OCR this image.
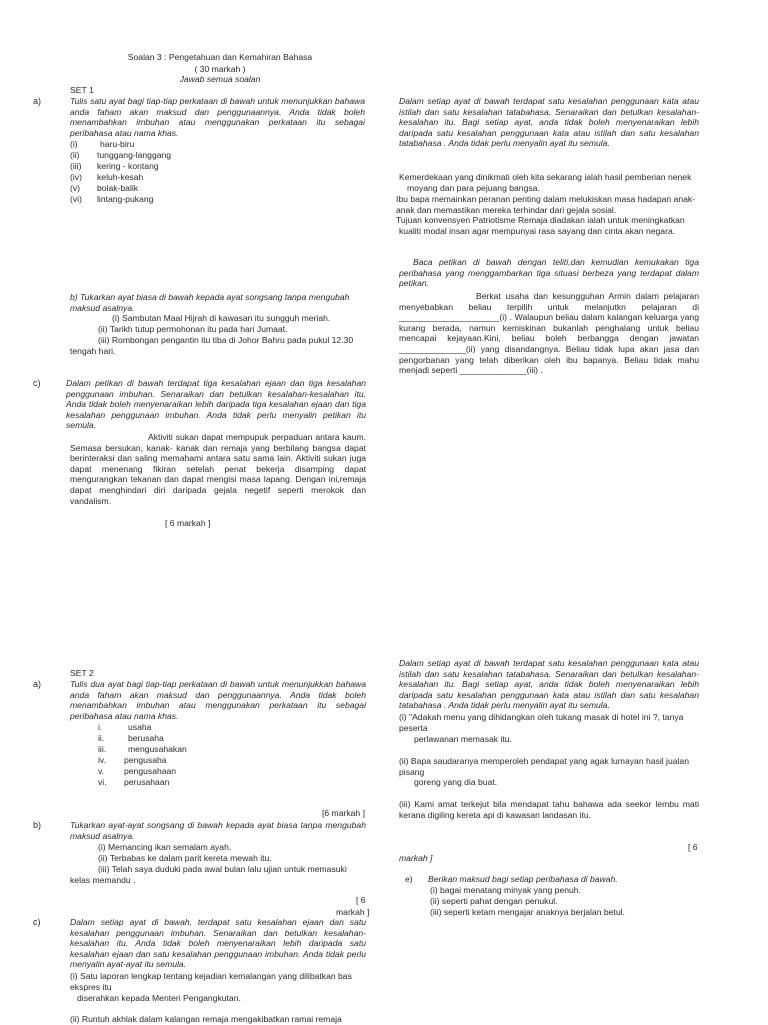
Soalan 3 : Pengetahuan dan Kemahiran Bahasa
( 30 markah )
Jawab semua soalan
SET 1
a)	Tulis satu ayat bagi tiap-tiap perkataan di bawah untuk menunjukkan bahawa anda faham akan maksud dan penggunaannya. Anda tidak boleh menambahkan imbuhan atau menggunakan perkataan itu sebagai peribahasa atau nama khas.
(i)	haru-biru
(ii) tunggang-langgang
(iii) kering - kontang
(iv) keluh-kesah
(v) bolak-balik
(vi) lintang-pukang
b) Tukarkan ayat biasa di bawah kepada ayat songsang tanpa mengubah maksud asalnya.
(i) Sambutan Maal Hijrah di kawasan itu sungguh meriah.
(ii) Tarikh tutup permohonan itu pada hari Jumaat.
(iii) Rombongan pengantin itu tiba di Johor Bahru pada pukul 12.30
tengah hari.
c)	Dalam petikan di bawah terdapat tiga kesalahan ejaan dan tiga kesalahan penggunaan imbuhan. Senaraikan dan betulkan kesalahan-kesalahan itu. Anda tidak boleh menyenaraikan lebih daripada tiga kesalahan ejaan dan tiga kesalahan penggunaan imbuhan. Anda tidak perlu menyalin petikan itu semula.
Aktiviti sukan dapat mempupuk perpaduan antara kaum. Semasa bersukan, kanak- kanak dan remaja yang berbilang bangsa dapat berinteraksi dan saling memahami antara satu sama lain. Aktiviti sukan juga dapat menenang fikiran setelah penat bekerja disamping dapat mengurangkan tekanan dan dapat mengisi masa lapang. Dengan ini,remaja dapat menghindari diri daripada gejala negetif seperti merokok dan vandalism.
[ 6 markah ]
Dalam setiap ayat di bawah terdapat satu kesalahan penggunaan kata atau istilah dan satu kesalahan tatabahasa. Senaraikan dan betulkan kesalahan-kesalahan itu. Bagi setiap ayat, anda tidak boleh menyenaraikan lebih daripada satu kesalahan penggunaan kata atau istilah dan satu kesalahan tatabahasa . Anda tidak perlu menyalin ayat itu semula.
Kemerdekaan yang dinikmati oleh kita sekarang ialah hasil pemberian nenek moyang dan para pejuang bangsa.
Ibu bapa memainkan peranan penting dalam melukiskan masa hadapan anak-anak dan memastikan mereka terhindar dari gejala sosial.
Tujuan konvensyen Patriotisme Remaja diadakan ialah untuk meningkatkan kualiti modal insan agar mempunyai rasa sayang dan cinta akan negara.
Baca petikan di bawah dengan teliti,dan kemudian kemukakan tiga peribahasa yang menggambarkan tiga situasi berbeza yang terdapat dalam petikan.
Berkat usaha dan kesungguhan Armin dalam pelajaran menyebabkan beliau terpilih untuk melanjutkn pelajaran di _____________________(i) . Walaupun beliau dalam kalangan keluarga yang kurang berada, namun kemiskinan bukanlah penghalang untuk beliau mencapai kejayaan.Kini, beliau boleh berbangga dengan jawatan ______________(ii) yang disandangnya. Beliau tidak lupa akan jasa dan pengorbanan yang telah diberikan oleh ibu bapanya. Beliau tidak mahu menjadi seperti ______________(iii) .
SET 2
a)	Tulis dua ayat bagi tiap-tiap perkataan di bawah untuk menunjukkan bahawa anda faham akan maksud dan penggunaannya. Anda tidak boleh menambahkan imbuhan atau menggunakan perkataan itu sebagai peribahasa atau nama khas.
i.	usaha
ii.	berusaha
iii.	mengusahakan
iv. pengusaha
v. pengusahaan
vi. perusahaan
[6 markah ]
b)	Tukarkan ayat-ayat songsang di bawah kepada ayat biasa tanpa mengubah maksud asalnya.
(i) Memancing ikan semalam ayah.
(ii) Terbabas ke dalam parit kereta mewah itu.
(iii) Telah saya duduki pada awal bulan lalu ujian untuk memasuki
kelas memandu .
[ 6
markah ]
c)	Dalam setiap ayat di bawah, terdapat satu kesalahan ejaan dan satu kesalahan penggunaan imbuhan. Senaraikan dan betulkan kesalahan-kesalahan itu. Anda tidak boleh menyenaraikan lebih daripada satu kesalahan ejaan dan satu kesalahan penggunaan imbuhan. Anda tidak perlu menyalin ayat-ayat itu semula.
(i) Satu laporan lengkap tentang kejadian kemalangan yang dilibatkan bas ekspres itu
diserahkan kepada Menteri Pengangkutan.
(ii) Runtuh akhlak dalam kalangan remaja mengakibatkan ramai remaja
Dalam setiap ayat di bawah terdapat satu kesalahan penggunaan kata atau istilah dan satu kesalahan tatabahasa. Senaraikan dan betulkan kesalahan-kesalahan itu. Bagi setiap ayat, anda tidak boleh menyenaraikan lebih daripada satu kesalahan penggunaan kata atau istilah dan satu kesalahan tatabahasa . Anda tidak perlu menyalin ayat itu semula.
(i) "Adakah menu yang dihidangkan oleh tukang masak di hotel ini ?, tanya peserta
perlawanan memasak itu.
(ii) Bapa saudaranya memperoleh pendapat yang agak lumayan hasil jualan pisang
goreng yang dia buat.
(iii) Kami amat terkejut bila mendapat tahu bahawa ada seekor lembu mati kerana digiling kereta api di kawasan landasan itu.
[ 6
markah ]
e) Berikan maksud bagi setiap peribahasa di bawah.
(i) bagai menatang minyak yang penuh.
(ii) seperti pahat dengan penukul.
(iii) seperti ketam mengajar anaknya berjalan betul.
